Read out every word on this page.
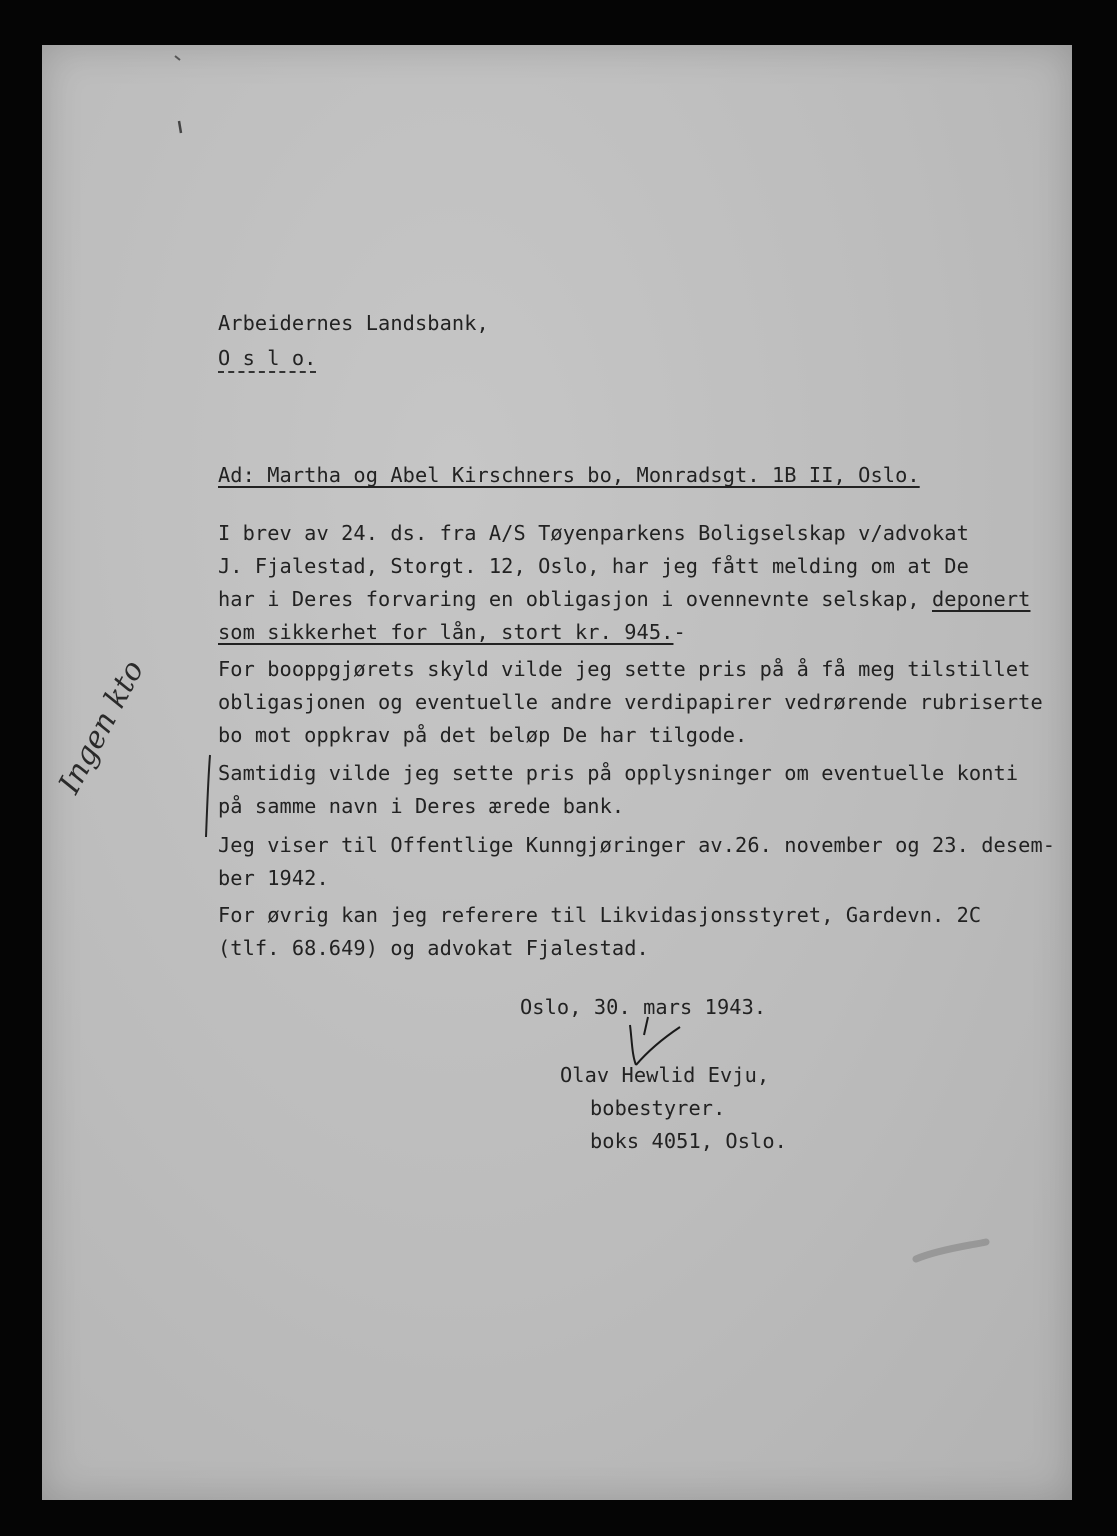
Arbeidernes Landsbank,

O s l o.

Ad: Martha og Abel Kirschners bo, Monradsgt. 1B II, Oslo.

I brev av 24. ds. fra A/S Tøyenparkens Boligselskap v/advokat

J. Fjalestad, Storgt. 12, Oslo, har jeg fått melding om at De

har i Deres forvaring en obligasjon i ovennevnte selskap, deponert

som sikkerhet for lån, stort kr. 945.-

For booppgjørets skyld vilde jeg sette pris på å få meg tilstillet

obligasjonen og eventuelle andre verdipapirer vedrørende rubriserte

bo mot oppkrav på det beløp De har tilgode.

Samtidig vilde jeg sette pris på opplysninger om eventuelle konti

på samme navn i Deres ærede bank.

Jeg viser til Offentlige Kunngjøringer av.26. november og 23. desem-

ber 1942.

For øvrig kan jeg referere til Likvidasjonsstyret, Gardevn. 2C

(tlf. 68.649) og advokat Fjalestad.

Oslo, 30. mars 1943.

Olav Hewlid Evju,

bobestyrer.

boks 4051, Oslo.

Ingen kto
